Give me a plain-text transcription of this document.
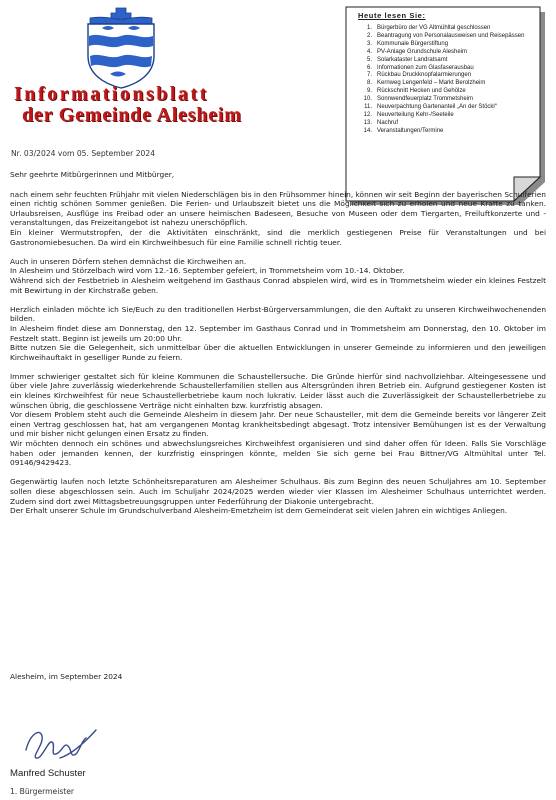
Informationsblatt
der Gemeinde Alesheim
Nr. 03/2024 vom 05. September 2024
Heute lesen Sie:
1. Bürgerbüro der VG Altmühltal geschlossen
2. Beantragung von Personalausweisen und Reisepässen
3. Kommunale Bürgerstiftung
4. PV-Anlage Grundschule Alesheim
5. Solarkataster Landratsamt
6. Informationen zum Glasfaserausbau
7. Rückbau Druckknopfalarmierungen
8. Kernweg Lengenfeld – Markt Berolzheim
9. Rückschnitt Hecken und Gehölze
10. Sonnwendfeuerplatz Trommetsheim
11. Neuverpachtung Gartenanteil „An der Stöckl“
12. Neuverteilung Kehr-/Seeteile
13. Nachruf
14. Veranstaltungen/Termine

Sehr geehrte Mitbürgerinnen und Mitbürger,

nach einem sehr feuchten Frühjahr mit vielen Niederschlägen bis in den Frühsommer hinein, können wir seit Beginn der bayerischen Schulferien einen richtig schönen Sommer genießen. Die Ferien- und Urlaubszeit bietet uns die Möglichkeit sich zu erholen und neue Kräfte zu tanken. Urlaubsreisen, Ausflüge ins Freibad oder an unsere heimischen Badeseen, Besuche von Museen oder dem Tiergarten, Freiluftkonzerte und -veranstaltungen, das Freizeitangebot ist nahezu unerschöpflich.

Ein kleiner Wermutstropfen, der die Aktivitäten einschränkt, sind die merklich gestiegenen Preise für Veranstaltungen und bei Gastronomiebesuchen. Da wird ein Kirchweihbesuch für eine Familie schnell richtig teuer.

Auch in unseren Dörfern stehen demnächst die Kirchweihen an.

In Alesheim und Störzelbach wird vom 12.-16. September gefeiert, in Trommetsheim vom 10.-14. Oktober.

Während sich der Festbetrieb in Alesheim weitgehend im Gasthaus Conrad abspielen wird, wird es in Trommetsheim wieder ein kleines Festzelt mit Bewirtung in der Kirchstraße geben.

Herzlich einladen möchte ich Sie/Euch zu den traditionellen Herbst-Bürgerversammlungen, die den Auftakt zu unseren Kirchweihwochenenden bilden.

In Alesheim findet diese am Donnerstag, den 12. September im Gasthaus Conrad und in Trommetsheim am Donnerstag, den 10. Oktober im Festzelt statt. Beginn ist jeweils um 20:00 Uhr.

Bitte nutzen Sie die Gelegenheit, sich unmittelbar über die aktuellen Entwicklungen in unserer Gemeinde zu informieren und den jeweiligen Kirchweihauftakt in geselliger Runde zu feiern.

Immer schwieriger gestaltet sich für kleine Kommunen die Schaustellersuche. Die Gründe hierfür sind nachvollziehbar. Alteingesessene und über viele Jahre zuverlässig wiederkehrende Schaustellerfamilien stellen aus Altersgründen ihren Betrieb ein. Aufgrund gestiegener Kosten ist ein kleines Kirchweihfest für neue Schaustellerbetriebe kaum noch lukrativ. Leider lässt auch die Zuverlässigkeit der Schaustellerbetriebe zu wünschen übrig, die geschlossene Verträge nicht einhalten bzw. kurzfristig absagen.

Vor diesem Problem steht auch die Gemeinde Alesheim in diesem Jahr. Der neue Schausteller, mit dem die Gemeinde bereits vor längerer Zeit einen Vertrag geschlossen hat, hat am vergangenen Montag krankheitsbedingt abgesagt. Trotz intensiver Bemühungen ist es der Verwaltung und mir bisher nicht gelungen einen Ersatz zu finden.

Wir möchten dennoch ein schönes und abwechslungsreiches Kirchweihfest organisieren und sind daher offen für Ideen. Falls Sie Vorschläge haben oder jemanden kennen, der kurzfristig einspringen könnte, melden Sie sich gerne bei Frau Bittner/VG Altmühltal unter Tel. 09146/9429423.

Gegenwärtig laufen noch letzte Schönheitsreparaturen am Alesheimer Schulhaus. Bis zum Beginn des neuen Schuljahres am 10. September sollen diese abgeschlossen sein. Auch im Schuljahr 2024/2025 werden wieder vier Klassen im Alesheimer Schulhaus unterrichtet werden. Zudem sind dort zwei Mittagsbetreuungsgruppen unter Federführung der Diakonie untergebracht.

Der Erhalt unserer Schule im Grundschulverband Alesheim-Emetzheim ist dem Gemeinderat seit vielen Jahren ein wichtiges Anliegen.

Alesheim, im September 2024
Manfred Schuster
1. Bürgermeister
